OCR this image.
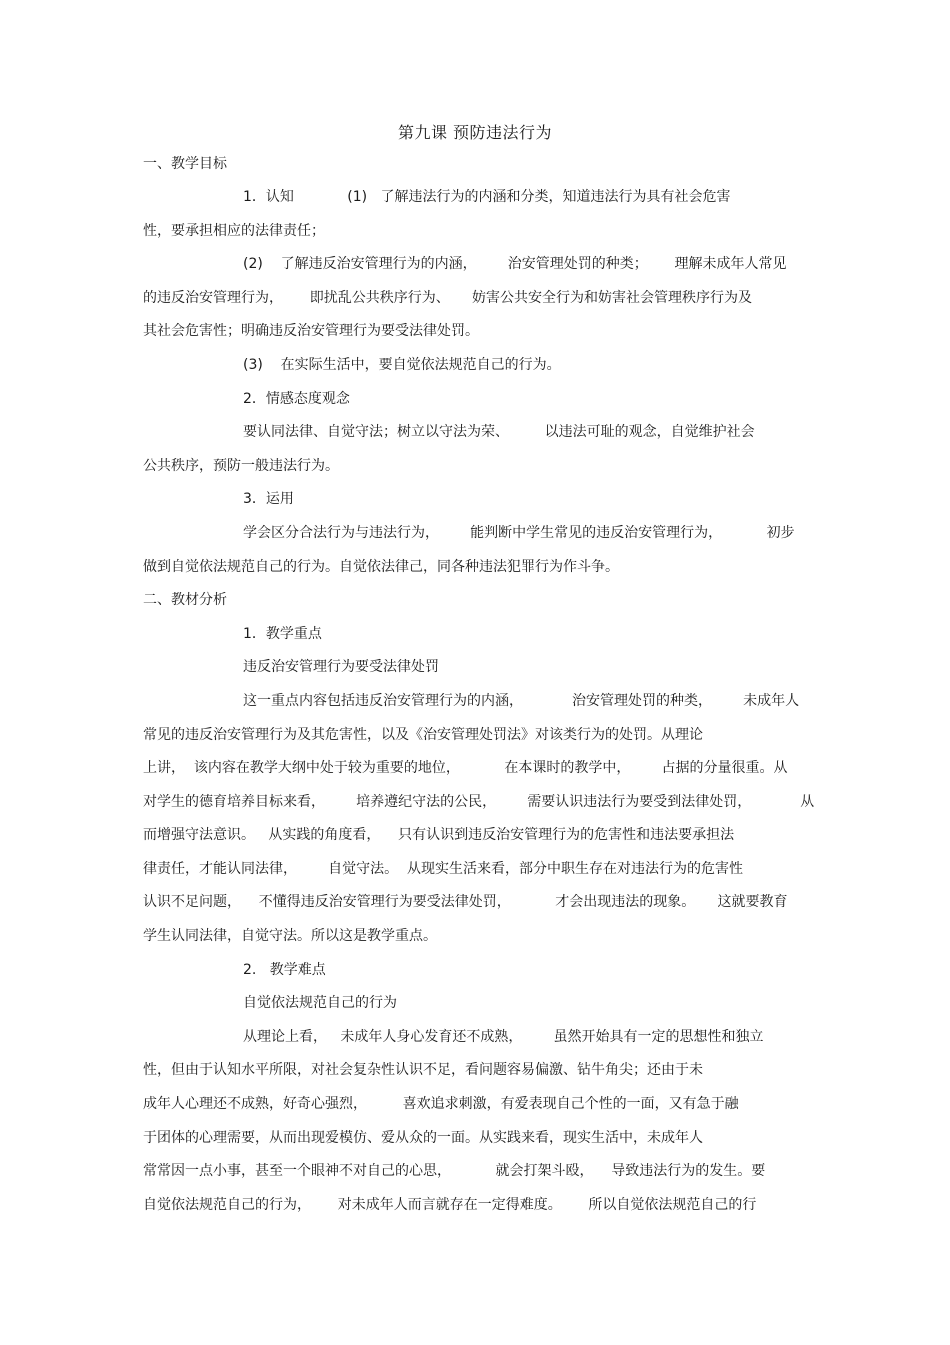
第九课 预防违法行为
一、教学目标
1．认知            (1)   了解违法行为的内涵和分类，知道违法行为具有社会危害
性，要承担相应的法律责任；
(2)    了解违反治安管理行为的内涵，       治安管理处罚的种类；      理解未成年人常见
的违反治安管理行为，      即扰乱公共秩序行为、     妨害公共安全行为和妨害社会管理秩序行为及
其社会危害性；明确违反治安管理行为要受法律处罚。
(3)    在实际生活中，要自觉依法规范自己的行为。
2．情感态度观念
要认同法律、自觉守法；树立以守法为荣、        以违法可耻的观念，自觉维护社会
公共秩序，预防一般违法行为。
3．运用
学会区分合法行为与违法行为，       能判断中学生常见的违反治安管理行为，          初步
做到自觉依法规范自己的行为。自觉依法律己，同各种违法犯罪行为作斗争。
二、教材分析
1．教学重点
违反治安管理行为要受法律处罚
这一重点内容包括违反治安管理行为的内涵，           治安管理处罚的种类，       未成年人
常见的违反治安管理行为及其危害性，以及《治安管理处罚法》对该类行为的处罚。从理论
上讲，  该内容在教学大纲中处于较为重要的地位，          在本课时的教学中，       占据的分量很重。从
对学生的德育培养目标来看，       培养遵纪守法的公民，       需要认识违法行为要受到法律处罚，           从
而增强守法意识。   从实践的角度看，    只有认识到违反治安管理行为的危害性和违法要承担法
律责任，才能认同法律，       自觉守法。  从现实生活来看，部分中职生存在对违法行为的危害性
认识不足问题，    不懂得违反治安管理行为要受法律处罚，          才会出现违法的现象。     这就要教育
学生认同法律，自觉守法。所以这是教学重点。
2.   教学难点
自觉依法规范自己的行为
从理论上看，   未成年人身心发育还不成熟，       虽然开始具有一定的思想性和独立
性，但由于认知水平所限，对社会复杂性认识不足，看问题容易偏激、钻牛角尖；还由于未
成年人心理还不成熟，好奇心强烈，        喜欢追求刺激，有爱表现自己个性的一面，又有急于融
于团体的心理需要，从而出现爱模仿、爱从众的一面。从实践来看，现实生活中，未成年人
常常因一点小事，甚至一个眼神不对自己的心思，          就会打架斗殴，    导致违法行为的发生。要
自觉依法规范自己的行为，      对未成年人而言就存在一定得难度。      所以自觉依法规范自己的行
